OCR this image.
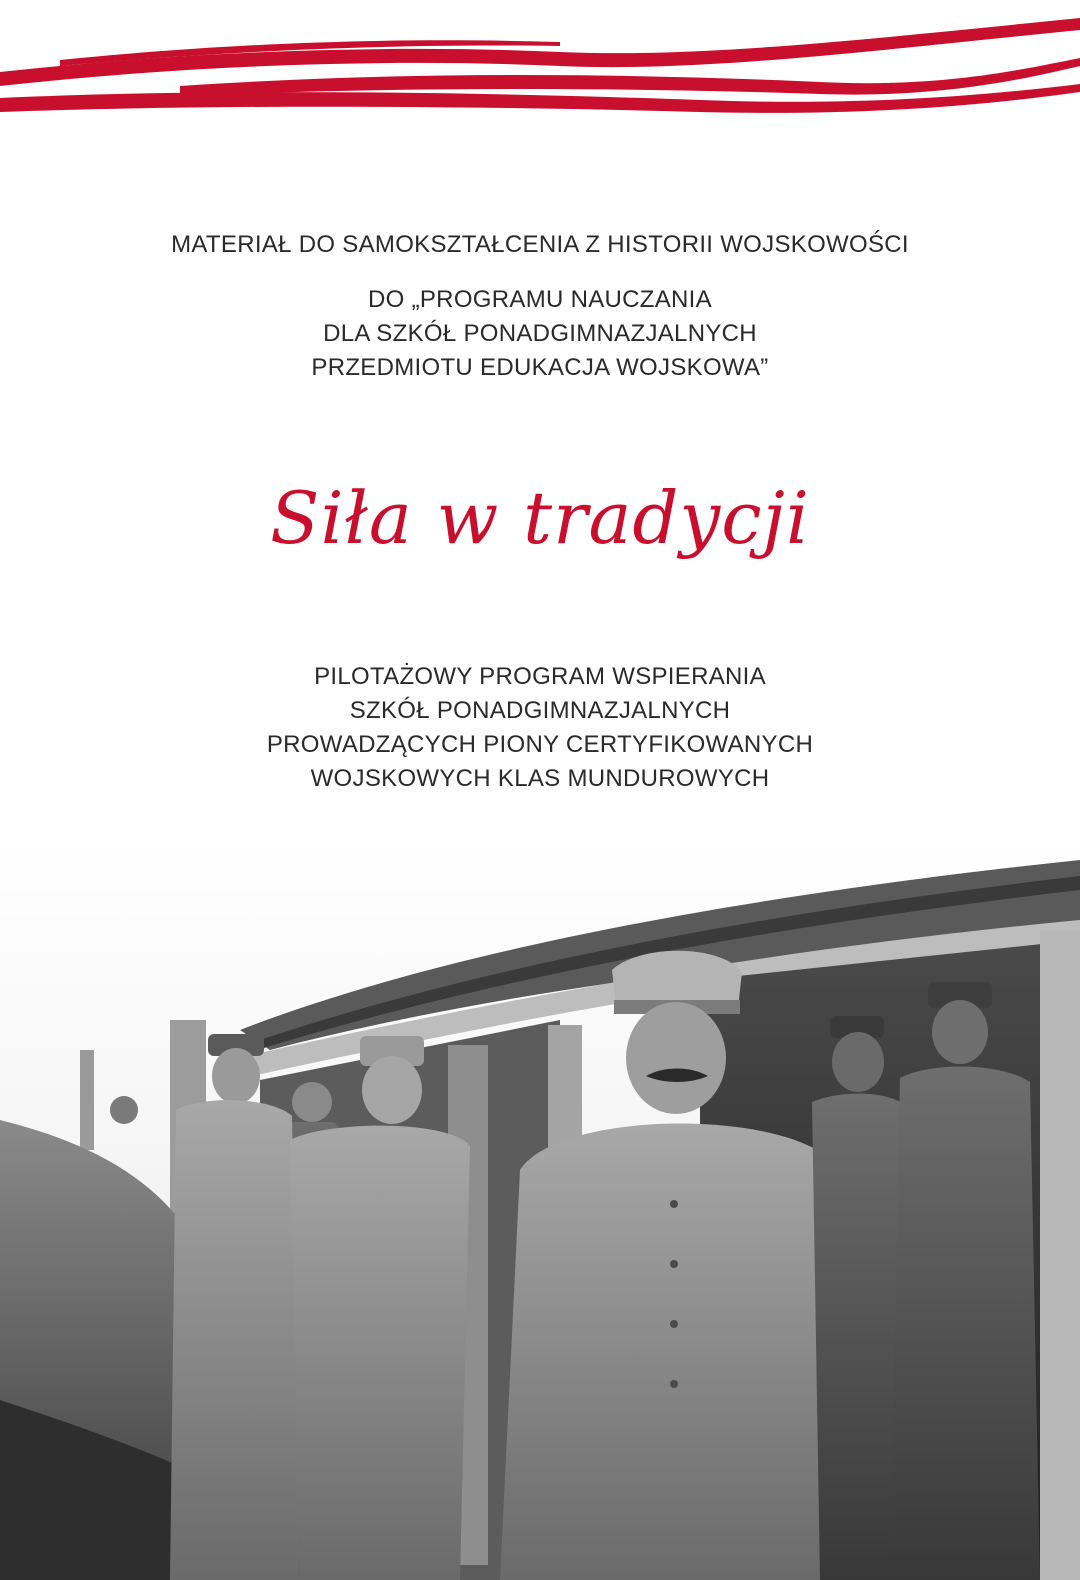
MATERIAŁ DO SAMOKSZTAŁCENIA Z HISTORII WOJSKOWOŚCI
DO „PROGRAMU NAUCZANIA
DLA SZKÓŁ PONADGIMNAZJALNYCH
PRZEDMIOTU EDUKACJA WOJSKOWA”
Siła w tradycji
PILOTAŻOWY PROGRAM WSPIERANIA
SZKÓŁ PONADGIMNAZJALNYCH
PROWADZĄCYCH PIONY CERTYFIKOWANYCH
WOJSKOWYCH KLAS MUNDUROWYCH
